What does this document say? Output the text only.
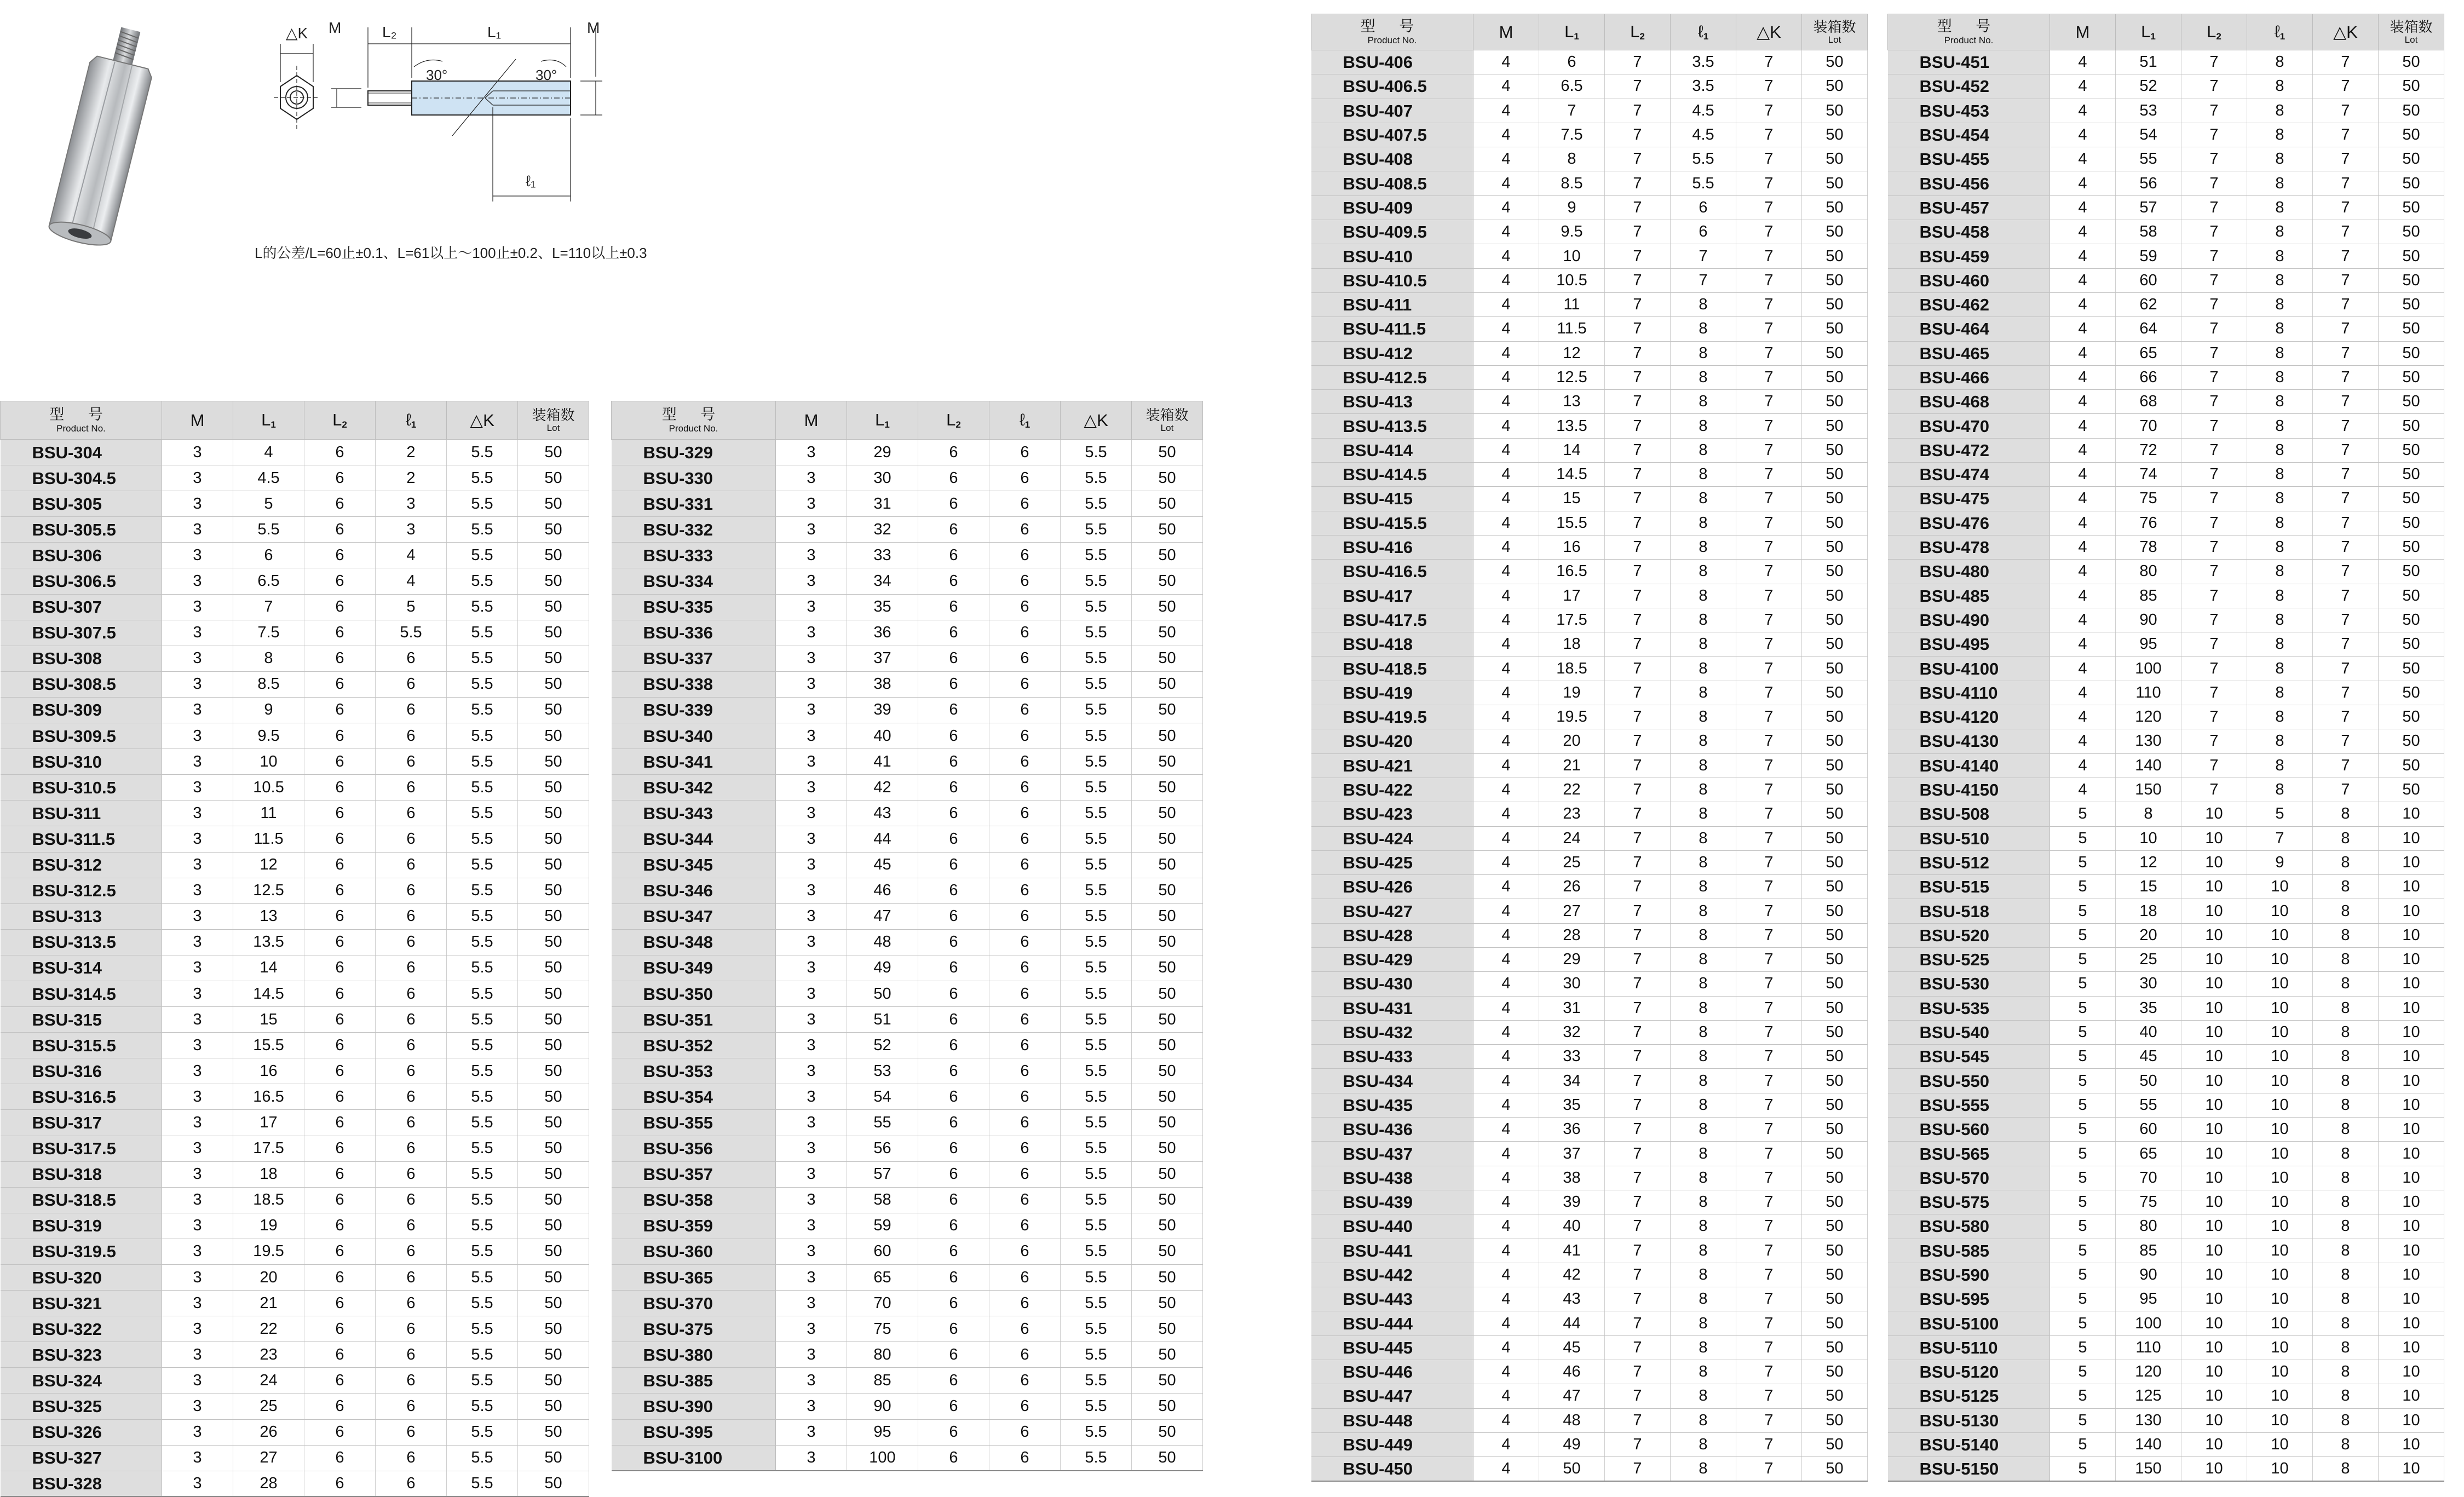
△K M	L₂	L₁
30°	30°
M
ℓ₁
L的公差/L=60止±0.1、L=61以上～100止±0.2、L=110以上±0.3
型 号
Product No.	M	$L_1$	$L_2$	ℓ$_1$	△K	装箱数
Lot

BSU-304	3	4	6	2	5.5	50
BSU-304.5	3	4.5	6	2	5.5	50
BSU-305	3	5	6	3	5.5	50
BSU-305.5	3	5.5	6	3	5.5	50
BSU-306	3	6	6	4	5.5	50
BSU-306.5	3	6.5	6	4	5.5	50
BSU-307	3	7	6	5	5.5	50
BSU-307.5	3	7.5	6	5.5	5.5	50
BSU-308	3	8	6	6	5.5	50
BSU-308.5	3	8.5	6	6	5.5	50
BSU-309	3	9	6	6	5.5	50
BSU-309.5	3	9.5	6	6	5.5	50
BSU-310	3	10	6	6	5.5	50
BSU-310.5	3	10.5	6	6	5.5	50
BSU-311	3	11	6	6	5.5	50
BSU-311.5	3	11.5	6	6	5.5	50
BSU-312	3	12	6	6	5.5	50
BSU-312.5	3	12.5	6	6	5.5	50
BSU-313	3	13	6	6	5.5	50
BSU-313.5	3	13.5	6	6	5.5	50
BSU-314	3	14	6	6	5.5	50
BSU-314.5	3	14.5	6	6	5.5	50
BSU-315	3	15	6	6	5.5	50
BSU-315.5	3	15.5	6	6	5.5	50
BSU-316	3	16	6	6	5.5	50
BSU-316.5	3	16.5	6	6	5.5	50
BSU-317	3	17	6	6	5.5	50
BSU-317.5	3	17.5	6	6	5.5	50
BSU-318	3	18	6	6	5.5	50
BSU-318.5	3	18.5	6	6	5.5	50
BSU-319	3	19	6	6	5.5	50
BSU-319.5	3	19.5	6	6	5.5	50
BSU-320	3	20	6	6	5.5	50
BSU-321	3	21	6	6	5.5	50
BSU-322	3	22	6	6	5.5	50
BSU-323	3	23	6	6	5.5	50
BSU-324	3	24	6	6	5.5	50
BSU-325	3	25	6	6	5.5	50
BSU-326	3	26	6	6	5.5	50
BSU-327	3	27	6	6	5.5	50
BSU-328	3	28	6	6	5.5	50
型 号
Product No.	M	$L_1$	$L_2$	ℓ$_1$	△K	装箱数
Lot

BSU-329	3	29	6	6	5.5	50
BSU-330	3	30	6	6	5.5	50
BSU-331	3	31	6	6	5.5	50
BSU-332	3	32	6	6	5.5	50
BSU-333	3	33	6	6	5.5	50
BSU-334	3	34	6	6	5.5	50
BSU-335	3	35	6	6	5.5	50
BSU-336	3	36	6	6	5.5	50
BSU-337	3	37	6	6	5.5	50
BSU-338	3	38	6	6	5.5	50
BSU-339	3	39	6	6	5.5	50
BSU-340	3	40	6	6	5.5	50
BSU-341	3	41	6	6	5.5	50
BSU-342	3	42	6	6	5.5	50
BSU-343	3	43	6	6	5.5	50
BSU-344	3	44	6	6	5.5	50
BSU-345	3	45	6	6	5.5	50
BSU-346	3	46	6	6	5.5	50
BSU-347	3	47	6	6	5.5	50
BSU-348	3	48	6	6	5.5	50
BSU-349	3	49	6	6	5.5	50
BSU-350	3	50	6	6	5.5	50
BSU-351	3	51	6	6	5.5	50
BSU-352	3	52	6	6	5.5	50
BSU-353	3	53	6	6	5.5	50
BSU-354	3	54	6	6	5.5	50
BSU-355	3	55	6	6	5.5	50
BSU-356	3	56	6	6	5.5	50
BSU-357	3	57	6	6	5.5	50
BSU-358	3	58	6	6	5.5	50
BSU-359	3	59	6	6	5.5	50
BSU-360	3	60	6	6	5.5	50
BSU-365	3	65	6	6	5.5	50
BSU-370	3	70	6	6	5.5	50
BSU-375	3	75	6	6	5.5	50
BSU-380	3	80	6	6	5.5	50
BSU-385	3	85	6	6	5.5	50
BSU-390	3	90	6	6	5.5	50
BSU-395	3	95	6	6	5.5	50
BSU-3100	3	100	6	6	5.5	50
型 号
Product No.	M	$L_1$	$L_2$	ℓ$_1$	△K	装箱数
Lot

BSU-406	4	6	7	3.5	7	50
BSU-406.5	4	6.5	7	3.5	7	50
BSU-407	4	7	7	4.5	7	50
BSU-407.5	4	7.5	7	4.5	7	50
BSU-408	4	8	7	5.5	7	50
BSU-408.5	4	8.5	7	5.5	7	50
BSU-409	4	9	7	6	7	50
BSU-409.5	4	9.5	7	6	7	50
BSU-410	4	10	7	7	7	50
BSU-410.5	4	10.5	7	7	7	50
BSU-411	4	11	7	8	7	50
BSU-411.5	4	11.5	7	8	7	50
BSU-412	4	12	7	8	7	50
BSU-412.5	4	12.5	7	8	7	50
BSU-413	4	13	7	8	7	50
BSU-413.5	4	13.5	7	8	7	50
BSU-414	4	14	7	8	7	50
BSU-414.5	4	14.5	7	8	7	50
BSU-415	4	15	7	8	7	50
BSU-415.5	4	15.5	7	8	7	50
BSU-416	4	16	7	8	7	50
BSU-416.5	4	16.5	7	8	7	50
BSU-417	4	17	7	8	7	50
BSU-417.5	4	17.5	7	8	7	50
BSU-418	4	18	7	8	7	50
BSU-418.5	4	18.5	7	8	7	50
BSU-419	4	19	7	8	7	50
BSU-419.5	4	19.5	7	8	7	50
BSU-420	4	20	7	8	7	50
BSU-421	4	21	7	8	7	50
BSU-422	4	22	7	8	7	50
BSU-423	4	23	7	8	7	50
BSU-424	4	24	7	8	7	50
BSU-425	4	25	7	8	7	50
BSU-426	4	26	7	8	7	50
BSU-427	4	27	7	8	7	50
BSU-428	4	28	7	8	7	50
BSU-429	4	29	7	8	7	50
BSU-430	4	30	7	8	7	50
BSU-431	4	31	7	8	7	50
BSU-432	4	32	7	8	7	50
BSU-433	4	33	7	8	7	50
BSU-434	4	34	7	8	7	50
BSU-435	4	35	7	8	7	50
BSU-436	4	36	7	8	7	50
BSU-437	4	37	7	8	7	50
BSU-438	4	38	7	8	7	50
BSU-439	4	39	7	8	7	50
BSU-440	4	40	7	8	7	50
BSU-441	4	41	7	8	7	50
BSU-442	4	42	7	8	7	50
BSU-443	4	43	7	8	7	50
BSU-444	4	44	7	8	7	50
BSU-445	4	45	7	8	7	50
BSU-446	4	46	7	8	7	50
BSU-447	4	47	7	8	7	50
BSU-448	4	48	7	8	7	50
BSU-449	4	49	7	8	7	50
BSU-450	4	50	7	8	7	50
型 号
Product No.	M	$L_1$	$L_2$	ℓ$_1$	△K	装箱数
Lot

BSU-451	4	51	7	8	7	50
BSU-452	4	52	7	8	7	50
BSU-453	4	53	7	8	7	50
BSU-454	4	54	7	8	7	50
BSU-455	4	55	7	8	7	50
BSU-456	4	56	7	8	7	50
BSU-457	4	57	7	8	7	50
BSU-458	4	58	7	8	7	50
BSU-459	4	59	7	8	7	50
BSU-460	4	60	7	8	7	50
BSU-462	4	62	7	8	7	50
BSU-464	4	64	7	8	7	50
BSU-465	4	65	7	8	7	50
BSU-466	4	66	7	8	7	50
BSU-468	4	68	7	8	7	50
BSU-470	4	70	7	8	7	50
BSU-472	4	72	7	8	7	50
BSU-474	4	74	7	8	7	50
BSU-475	4	75	7	8	7	50
BSU-476	4	76	7	8	7	50
BSU-478	4	78	7	8	7	50
BSU-480	4	80	7	8	7	50
BSU-485	4	85	7	8	7	50
BSU-490	4	90	7	8	7	50
BSU-495	4	95	7	8	7	50
BSU-4100	4	100	7	8	7	50
BSU-4110	4	110	7	8	7	50
BSU-4120	4	120	7	8	7	50
BSU-4130	4	130	7	8	7	50
BSU-4140	4	140	7	8	7	50
BSU-4150	4	150	7	8	7	50
BSU-508	5	8	10	5	8	10
BSU-510	5	10	10	7	8	10
BSU-512	5	12	10	9	8	10
BSU-515	5	15	10	10	8	10
BSU-518	5	18	10	10	8	10
BSU-520	5	20	10	10	8	10
BSU-525	5	25	10	10	8	10
BSU-530	5	30	10	10	8	10
BSU-535	5	35	10	10	8	10
BSU-540	5	40	10	10	8	10
BSU-545	5	45	10	10	8	10
BSU-550	5	50	10	10	8	10
BSU-555	5	55	10	10	8	10
BSU-560	5	60	10	10	8	10
BSU-565	5	65	10	10	8	10
BSU-570	5	70	10	10	8	10
BSU-575	5	75	10	10	8	10
BSU-580	5	80	10	10	8	10
BSU-585	5	85	10	10	8	10
BSU-590	5	90	10	10	8	10
BSU-595	5	95	10	10	8	10
BSU-5100	5	100	10	10	8	10
BSU-5110	5	110	10	10	8	10
BSU-5120	5	120	10	10	8	10
BSU-5125	5	125	10	10	8	10
BSU-5130	5	130	10	10	8	10
BSU-5140	5	140	10	10	8	10
BSU-5150	5	150	10	10	8	10
